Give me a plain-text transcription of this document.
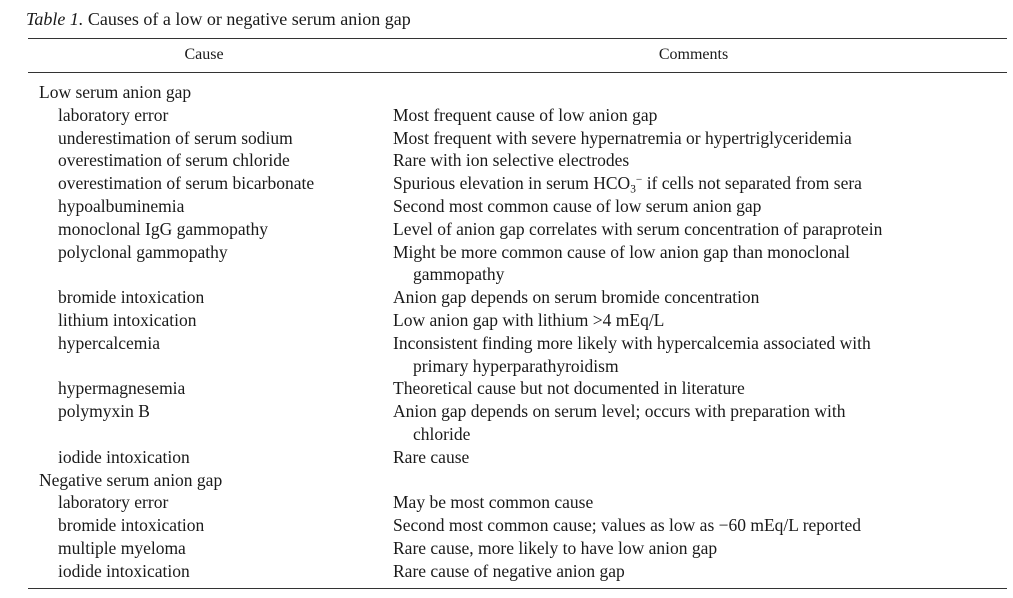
Table 1. Causes of a low or negative serum anion gap
Cause	Comments
Low serum anion gap
laboratory error	Most frequent cause of low anion gap
underestimation of serum sodium	Most frequent with severe hypernatremia or hypertriglyceridemia
overestimation of serum chloride	Rare with ion selective electrodes
overestimation of serum bicarbonate	Spurious elevation in serum $HCO_3^-$ if cells not separated from sera
hypoalbuminemia	Second most common cause of low serum anion gap
monoclonal IgG gammopathy	Level of anion gap correlates with serum concentration of paraprotein
polyclonal gammopathy	Might be more common cause of low anion gap than monoclonal
gammopathy
bromide intoxication	Anion gap depends on serum bromide concentration
lithium intoxication	Low anion gap with lithium >4 mEq/L
hypercalcemia	Inconsistent finding more likely with hypercalcemia associated with
primary hyperparathyroidism
hypermagnesemia	Theoretical cause but not documented in literature
polymyxin B	Anion gap depends on serum level; occurs with preparation with
chloride
iodide intoxication	Rare cause
Negative serum anion gap
laboratory error	May be most common cause
bromide intoxication	Second most common cause; values as low as −60 mEq/L reported
multiple myeloma	Rare cause, more likely to have low anion gap
iodide intoxication	Rare cause of negative anion gap
